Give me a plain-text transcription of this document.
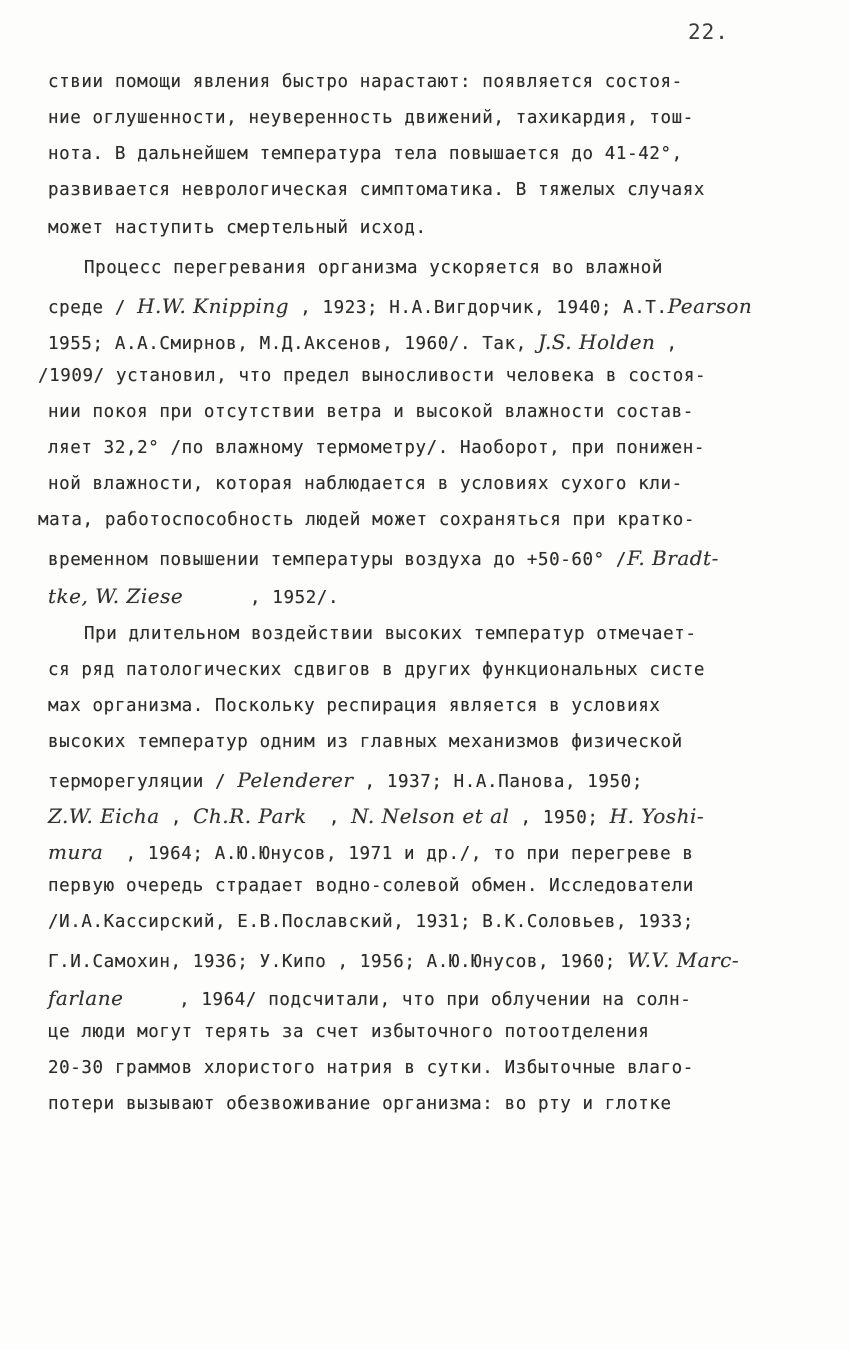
22.
ствии помощи явления быстро нарастают: появляется состоя-
ние оглушенности, неуверенность движений, тахикардия, тош-
нота. В дальнейшем температура тела повышается до 41-42°,
развивается неврологическая симптоматика. В тяжелых случаях
может наступить смертельный исход.
Процесс перегревания организма ускоряется во влажной
среде / H.W. Knipping , 1923; Н.А.Вигдорчик, 1940; А.Т.Pearson
1955; А.А.Смирнов, М.Д.Аксенов, 1960/. Так, J.S. Holden ,
/1909/ установил, что предел выносливости человека в состоя-
нии покоя при отсутствии ветра и высокой влажности состав-
ляет 32,2° /по влажному термометру/. Наоборот, при понижен-
ной влажности, которая наблюдается в условиях сухого кли-
мата, работоспособность людей может сохраняться при кратко-
временном повышении температуры воздуха до +50-60° /F. Bradt-
tke, W. Ziese      , 1952/.
При длительном воздействии высоких температур отмечает-
ся ряд патологических сдвигов в других функциональных систе
мах организма. Поскольку респирация является в условиях
высоких температур одним из главных механизмов физической
терморегуляции / Pelenderer , 1937; Н.А.Панова, 1950;
Z.W. Eicha , Ch.R. Park  , N. Nelson et al , 1950; H. Yoshi-
mura  , 1964; А.Ю.Юнусов, 1971 и др./, то при перегреве в
первую очередь страдает водно-солевой обмен. Исследователи
/И.А.Кассирский, Е.В.Пославский, 1931; В.К.Соловьев, 1933;
Г.И.Самохин, 1936; У.Кипо , 1956; А.Ю.Юнусов, 1960; W.V. Marc-
farlane     , 1964/ подсчитали, что при облучении на солн-
це люди могут терять за счет избыточного потоотделения
20-30 граммов хлористого натрия в сутки. Избыточные влаго-
потери вызывают обезвоживание организма: во рту и глотке
